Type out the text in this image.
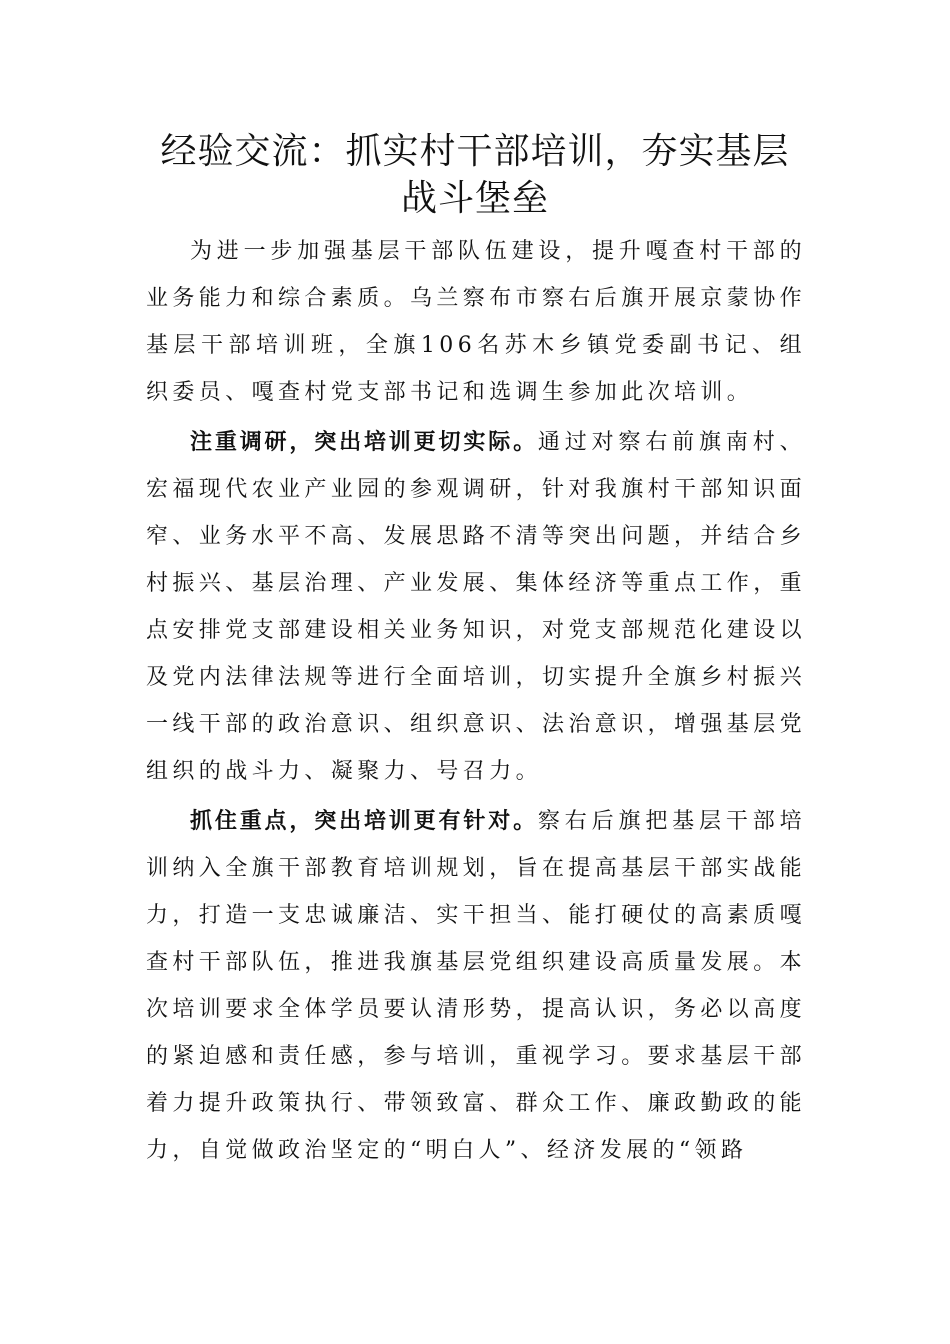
经验交流：抓实村干部培训，夯实基层战斗堡垒

为进一步加强基层干部队伍建设，提升嘎查村干部的业务能力和综合素质。乌兰察布市察右后旗开展京蒙协作基层干部培训班，全旗106名苏木乡镇党委副书记、组织委员、嘎查村党支部书记和选调生参加此次培训。

注重调研，突出培训更切实际。通过对察右前旗南村、宏福现代农业产业园的参观调研，针对我旗村干部知识面窄、业务水平不高、发展思路不清等突出问题，并结合乡村振兴、基层治理、产业发展、集体经济等重点工作，重点安排党支部建设相关业务知识，对党支部规范化建设以及党内法律法规等进行全面培训，切实提升全旗乡村振兴一线干部的政治意识、组织意识、法治意识，增强基层党组织的战斗力、凝聚力、号召力。

抓住重点，突出培训更有针对。察右后旗把基层干部培训纳入全旗干部教育培训规划，旨在提高基层干部实战能力，打造一支忠诚廉洁、实干担当、能打硬仗的高素质嘎查村干部队伍，推进我旗基层党组织建设高质量发展。本次培训要求全体学员要认清形势，提高认识，务必以高度的紧迫感和责任感，参与培训，重视学习。要求基层干部着力提升政策执行、带领致富、群众工作、廉政勤政的能力，自觉做政治坚定的“明白人”、经济发展的“领路
